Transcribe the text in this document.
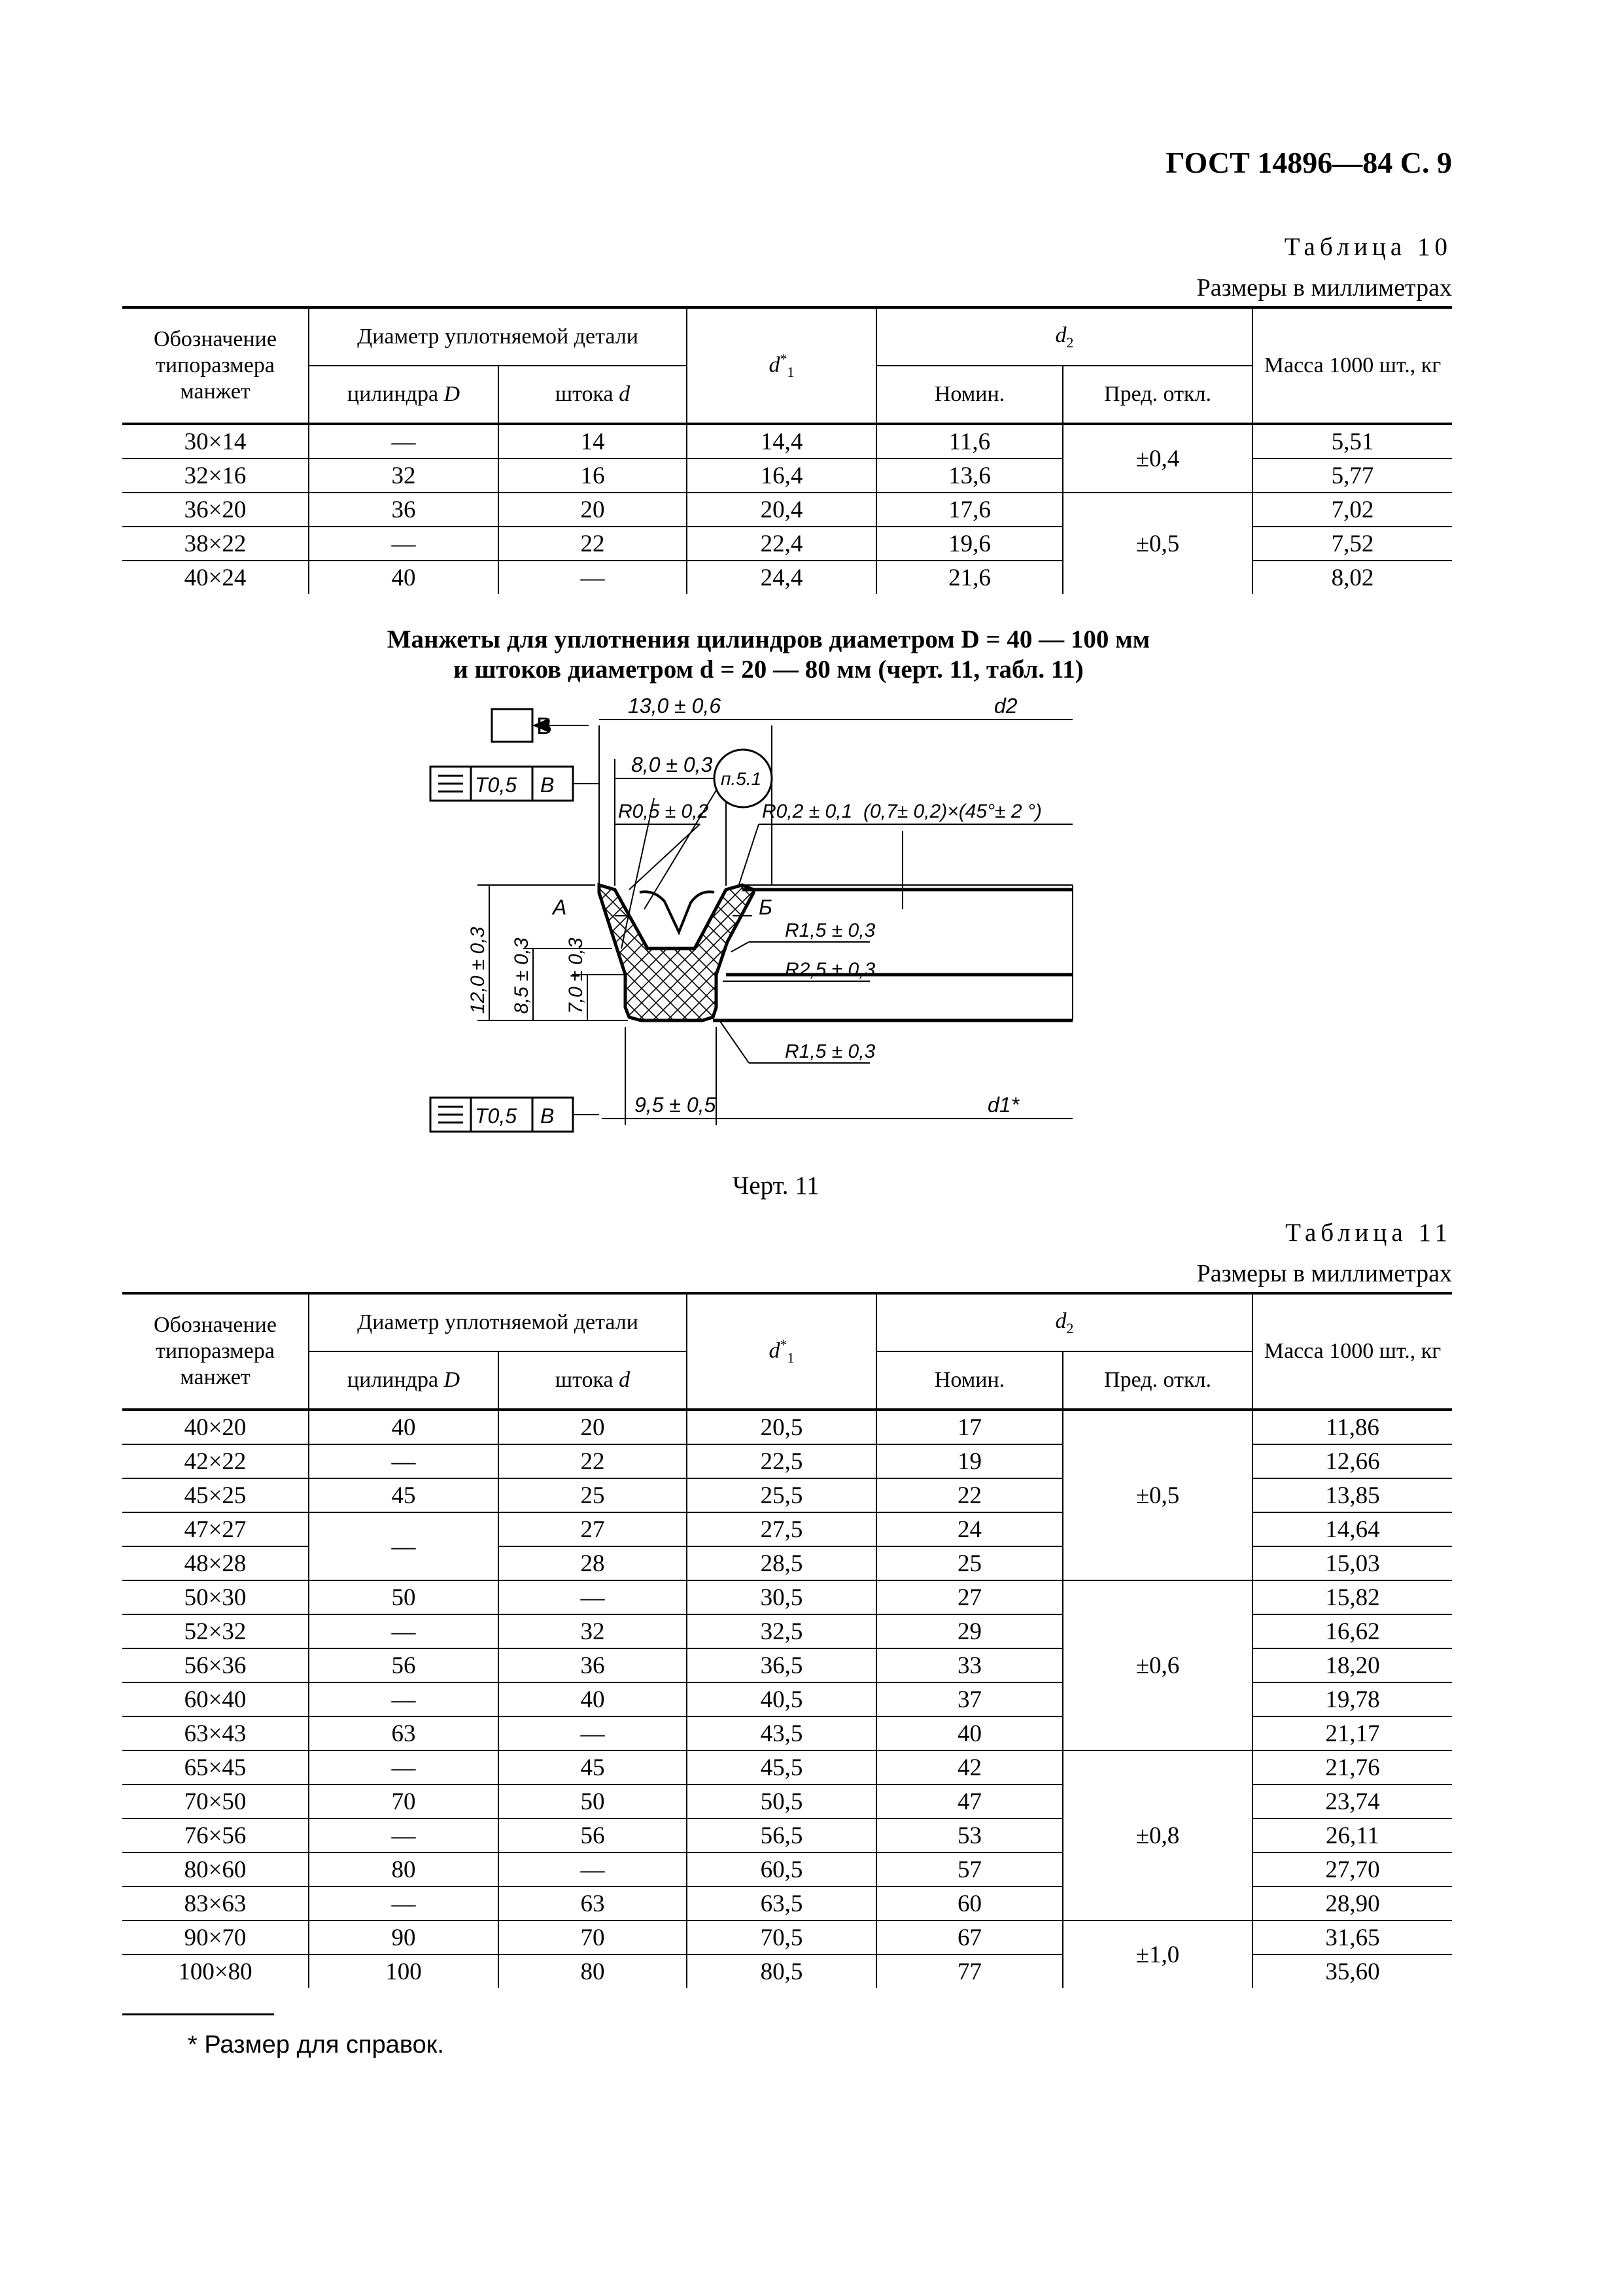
ГОСТ 14896—84 С. 9
Таблица 10
Размеры в миллиметрах
Обозначение типоразмера манжет	Диаметр уплотняемой детали		$d^*_1$	$d_2$		Масса 1000 шт., кг
	цилиндра D	штока d		Номин.	Пред. откл.	
30×14	—	14	14,4	11,6	±0,4	5,51
32×16	32	16	16,4	13,6		5,77
36×20	36	20	20,4	17,6	±0,5	7,02
38×22	—	22	22,4	19,6		7,52
40×24	40	—	24,4	21,6		8,02
Манжеты для уплотнения цилиндров диаметром D = 40 — 100 мм
и штоков диаметром d = 20 — 80 мм (черт. 11, табл. 11)
B
T0,5 B
T0,5 B
13,0 ± 0,6
8,0 ± 0,3
d2
п.5.1
R0,5 ± 0,2	R0,2 ± 0,1 (0,7± 0,2)×(45°± 2 °)
А	Б
R1,5 ± 0,3
R2,5 ± 0,3
R1,5 ± 0,3
9,5 ± 0,5	d1*
12,0 ± 0,3 8,5 ± 0,3 7,0 ± 0,3
⌯
Черт. 11
Таблица 11
Размеры в миллиметрах
Обозначение типоразмера манжет	Диаметр уплотняемой детали		$d^*_1$	$d_2$		Масса 1000 шт., кг
	цилиндра D	штока d		Номин.	Пред. откл.	
40×20	40	20	20,5	17	±0,5	11,86
42×22	—	22	22,5	19		12,66
45×25	45	25	25,5	22		13,85
47×27	—	27	27,5	24		14,64
48×28		28	28,5	25		15,03
50×30	50	—	30,5	27	±0,6	15,82
52×32	—	32	32,5	29		16,62
56×36	56	36	36,5	33		18,20
60×40	—	40	40,5	37		19,78
63×43	63	—	43,5	40		21,17
65×45	—	45	45,5	42	±0,8	21,76
70×50	70	50	50,5	47		23,74
76×56	—	56	56,5	53		26,11
80×60	80	—	60,5	57		27,70
83×63	—	63	63,5	60		28,90
90×70	90	70	70,5	67	±1,0	31,65
100×80	100	80	80,5	77		35,60
* Размер для справок.
